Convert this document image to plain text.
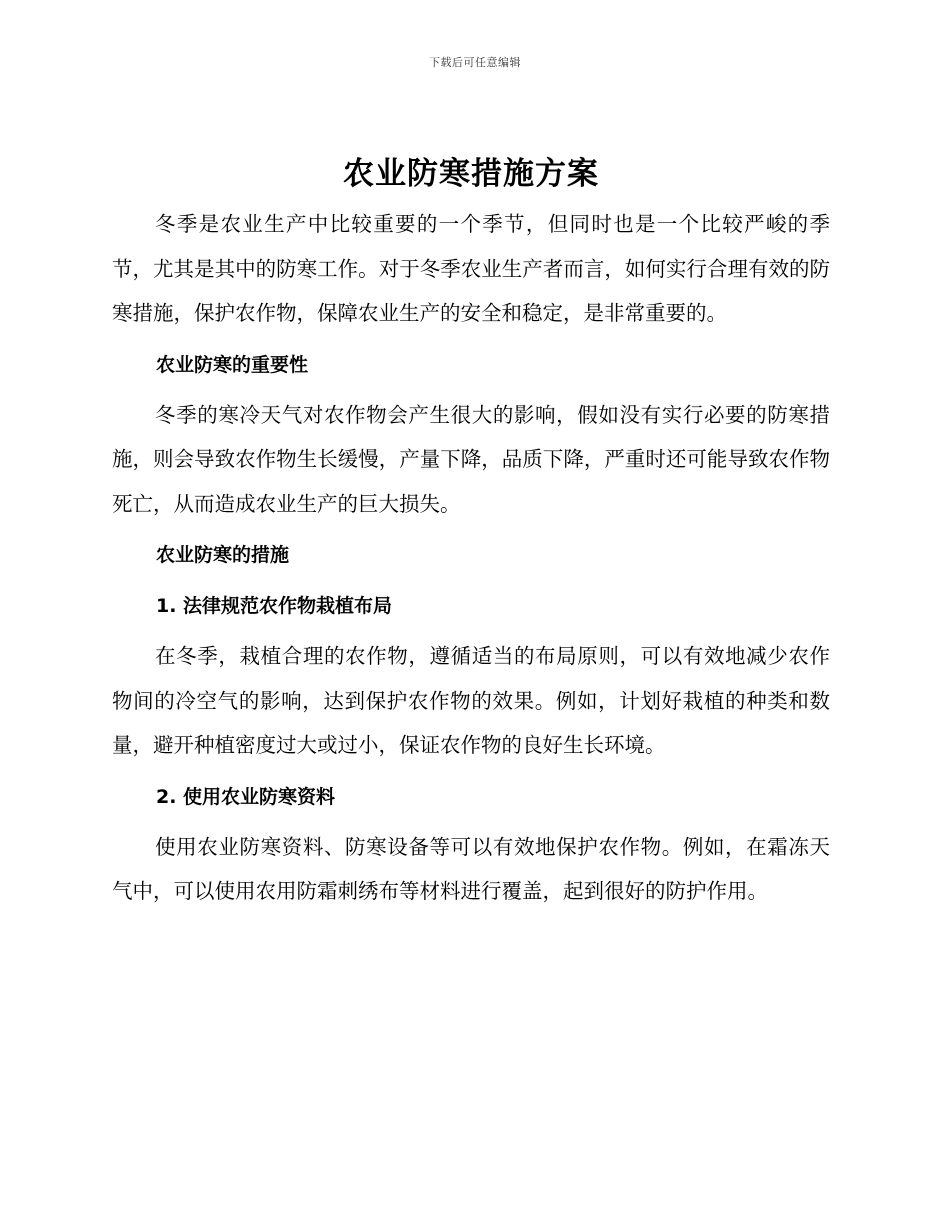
下载后可任意编辑
农业防寒措施方案

冬季是农业生产中比较重要的一个季节，但同时也是一个比较严峻的季节，尤其是其中的防寒工作。对于冬季农业生产者而言，如何实行合理有效的防寒措施，保护农作物，保障农业生产的安全和稳定，是非常重要的。

农业防寒的重要性

冬季的寒冷天气对农作物会产生很大的影响，假如没有实行必要的防寒措施，则会导致农作物生长缓慢，产量下降，品质下降，严重时还可能导致农作物死亡，从而造成农业生产的巨大损失。

农业防寒的措施
1. 法律规范农作物栽植布局

在冬季，栽植合理的农作物，遵循适当的布局原则，可以有效地减少农作物间的冷空气的影响，达到保护农作物的效果。例如，计划好栽植的种类和数量，避开种植密度过大或过小，保证农作物的良好生长环境。

2. 使用农业防寒资料

使用农业防寒资料、防寒设备等可以有效地保护农作物。例如，在霜冻天气中，可以使用农用防霜刺绣布等材料进行覆盖，起到很好的防护作用。
